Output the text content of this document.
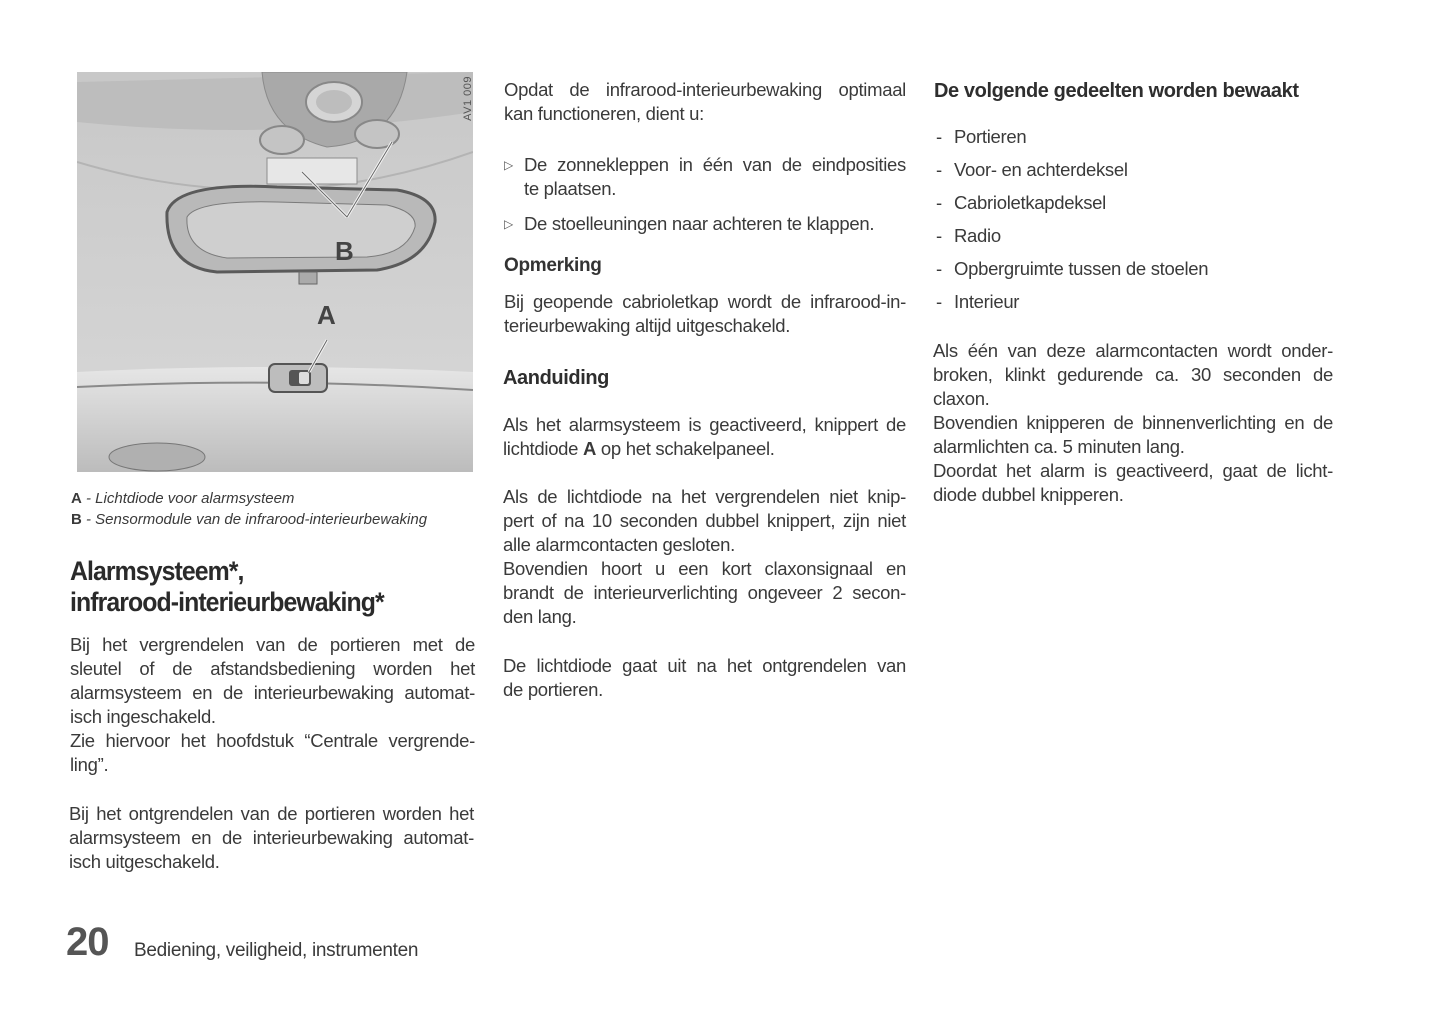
B
A
AV1 009
A - Lichtdiode voor alarmsysteem
B - Sensormodule van de infrarood-interieurbewaking
Alarmsysteem*,
infrarood-interieurbewaking*

Bij het vergrendelen van de portieren met de
sleutel of de afstandsbediening worden het
alarmsysteem en de interieurbewaking automat-
isch ingeschakeld.
Zie hiervoor het hoofdstuk “Centrale vergrende-
ling”.

Bij het ontgrendelen van de portieren worden het
alarmsysteem en de interieurbewaking automat-
isch uitgeschakeld.

Opdat de infrarood-interieurbewaking optimaal
kan functioneren, dient u:

▷ De zonnekleppen in één van de eindposities
te plaatsen.
▷ De stoelleuningen naar achteren te klappen.
Opmerking

Bij geopende cabrioletkap wordt de infrarood-in-
terieurbewaking altijd uitgeschakeld.

Aanduiding

Als het alarmsysteem is geactiveerd, knippert de
lichtdiode A op het schakelpaneel.

Als de lichtdiode na het vergrendelen niet knip-
pert of na 10 seconden dubbel knippert, zijn niet
alle alarmcontacten gesloten.
Bovendien hoort u een kort claxonsignaal en
brandt de interieurverlichting ongeveer 2 secon-
den lang.

De lichtdiode gaat uit na het ontgrendelen van
de portieren.

De volgende gedeelten worden bewaakt
- Portieren
- Voor- en achterdeksel
- Cabrioletkapdeksel
- Radio
- Opbergruimte tussen de stoelen
- Interieur

Als één van deze alarmcontacten wordt onder-
broken, klinkt gedurende ca. 30 seconden de
claxon.
Bovendien knipperen de binnenverlichting en de
alarmlichten ca. 5 minuten lang.
Doordat het alarm is geactiveerd, gaat de licht-
diode dubbel knipperen.

20 Bediening, veiligheid, instrumenten
